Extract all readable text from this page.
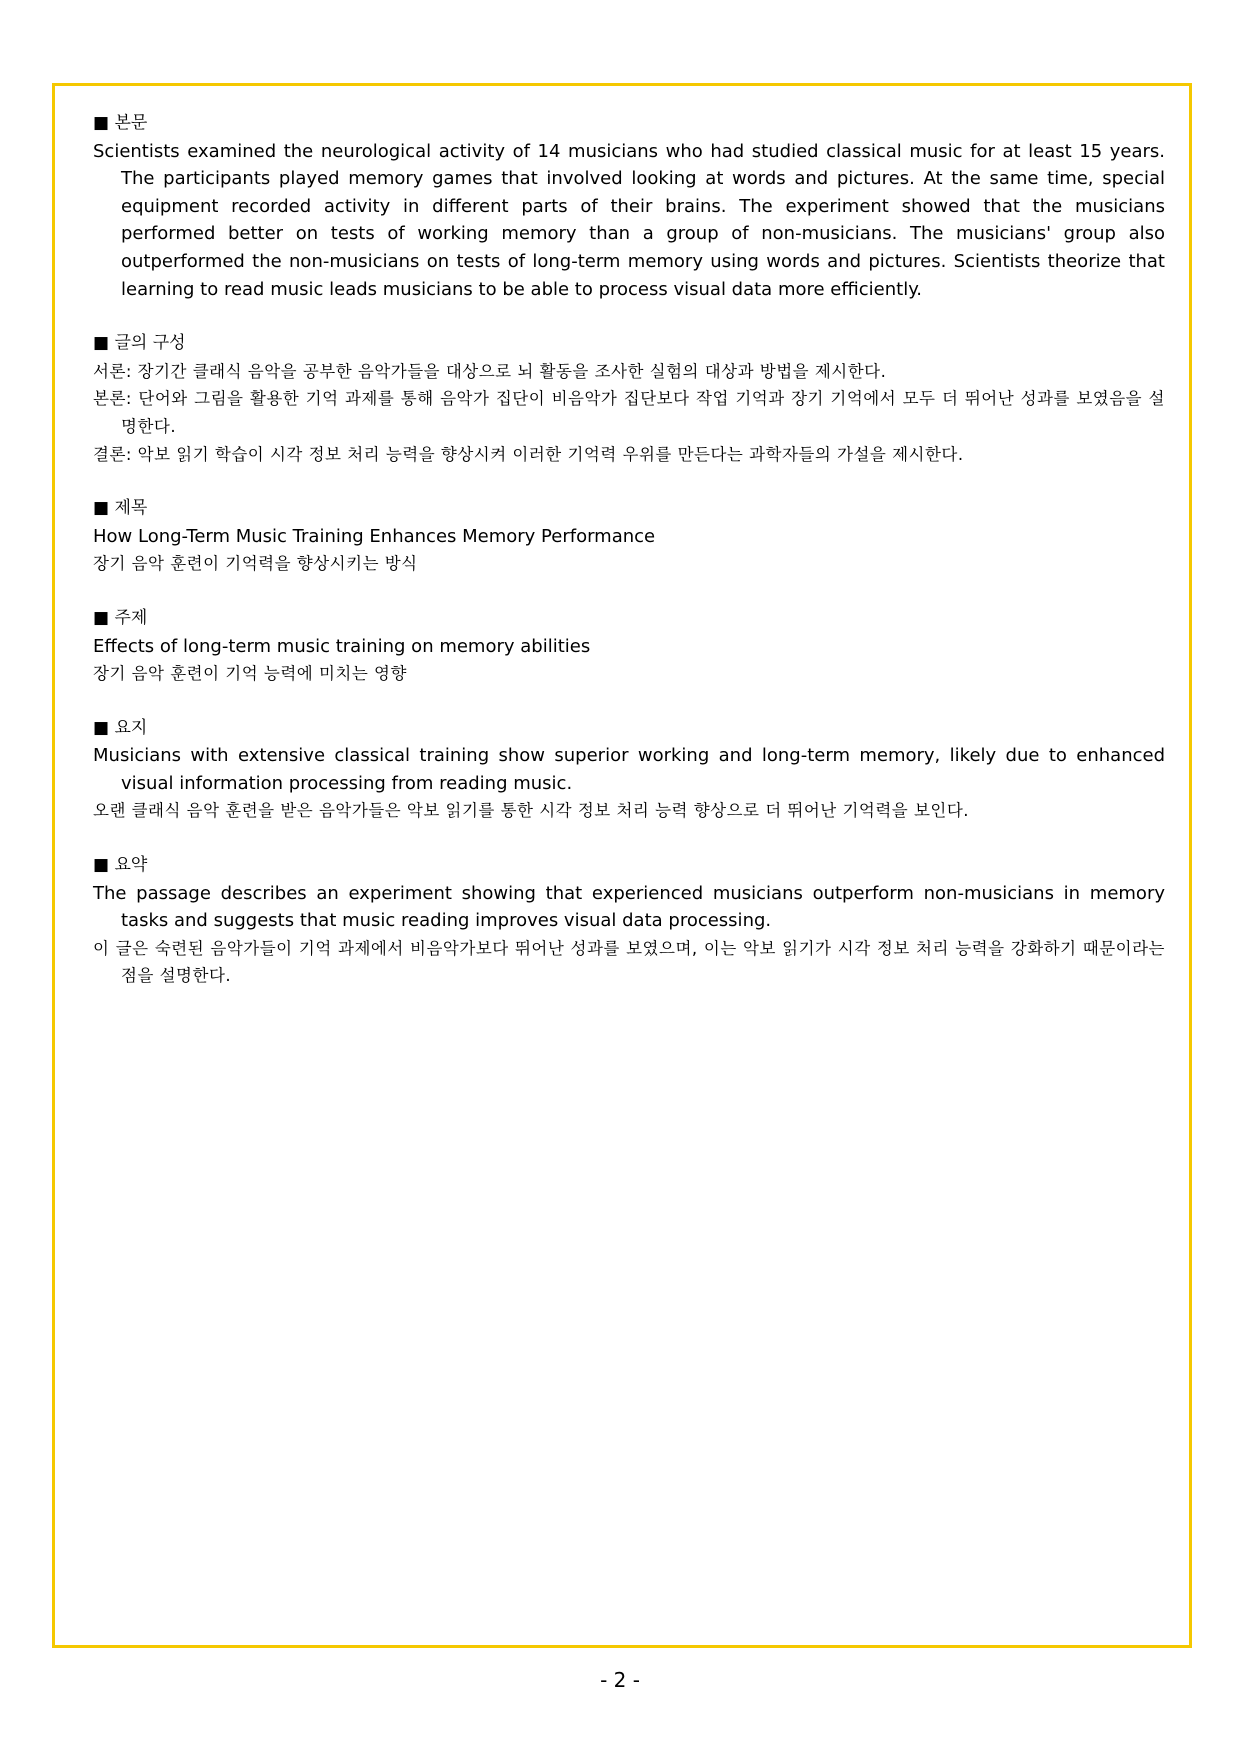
■ 본문
Scientists examined the neurological activity of 14 musicians who had studied classical music for at least 15 years. The participants played memory games that involved looking at words and pictures. At the same time, special equipment recorded activity in different parts of their brains. The experiment showed that the musicians performed better on tests of working memory than a group of non-musicians. The musicians' group also outperformed the non-musicians on tests of long-term memory using words and pictures. Scientists theorize that learning to read music leads musicians to be able to process visual data more efficiently.
■ 글의 구성
서론: 장기간 클래식 음악을 공부한 음악가들을 대상으로 뇌 활동을 조사한 실험의 대상과 방법을 제시한다.
본론: 단어와 그림을 활용한 기억 과제를 통해 음악가 집단이 비음악가 집단보다 작업 기억과 장기 기억에서 모두 더 뛰어난 성과를 보였음을 설명한다.
결론: 악보 읽기 학습이 시각 정보 처리 능력을 향상시켜 이러한 기억력 우위를 만든다는 과학자들의 가설을 제시한다.
■ 제목
How Long-Term Music Training Enhances Memory Performance
장기 음악 훈련이 기억력을 향상시키는 방식
■ 주제
Effects of long-term music training on memory abilities
장기 음악 훈련이 기억 능력에 미치는 영향
■ 요지
Musicians with extensive classical training show superior working and long-term memory, likely due to enhanced visual information processing from reading music.
오랜 클래식 음악 훈련을 받은 음악가들은 악보 읽기를 통한 시각 정보 처리 능력 향상으로 더 뛰어난 기억력을 보인다.
■ 요약
The passage describes an experiment showing that experienced musicians outperform non-musicians in memory tasks and suggests that music reading improves visual data processing.
이 글은 숙련된 음악가들이 기억 과제에서 비음악가보다 뛰어난 성과를 보였으며, 이는 악보 읽기가 시각 정보 처리 능력을 강화하기 때문이라는 점을 설명한다.
- 2 -
